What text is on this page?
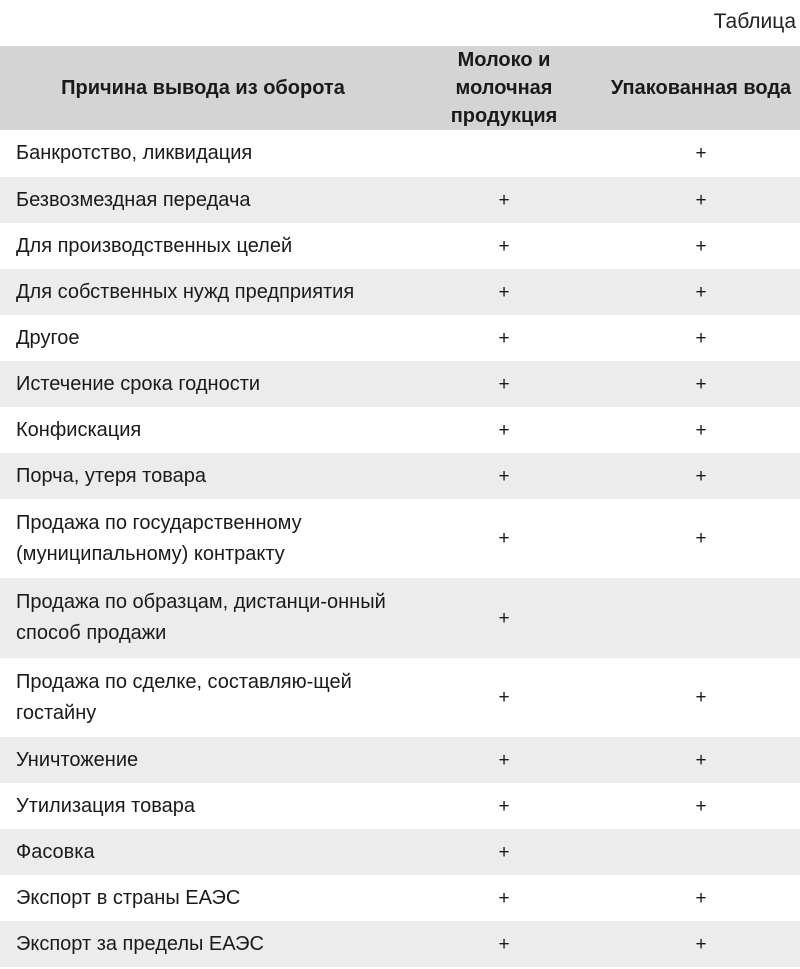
Таблица
Причина вывода из оборота	Молоко и молочная продукция	Упакованная вода
Банкротство, ликвидация		+
Безвозмездная передача	+	+
Для производственных целей	+	+
Для собственных нужд предприятия	+	+
Другое	+	+
Истечение срока годности	+	+
Конфискация	+	+
Порча, утеря товара	+	+
Продажа по государственному (муниципальному) контракту	+	+
Продажа по образцам, дистанци-онный способ продажи	+	
Продажа по сделке, составляю-щей гостайну	+	+
Уничтожение	+	+
Утилизация товара	+	+
Фасовка	+	
Экспорт в страны ЕАЭС	+	+
Экспорт за пределы ЕАЭС	+	+
